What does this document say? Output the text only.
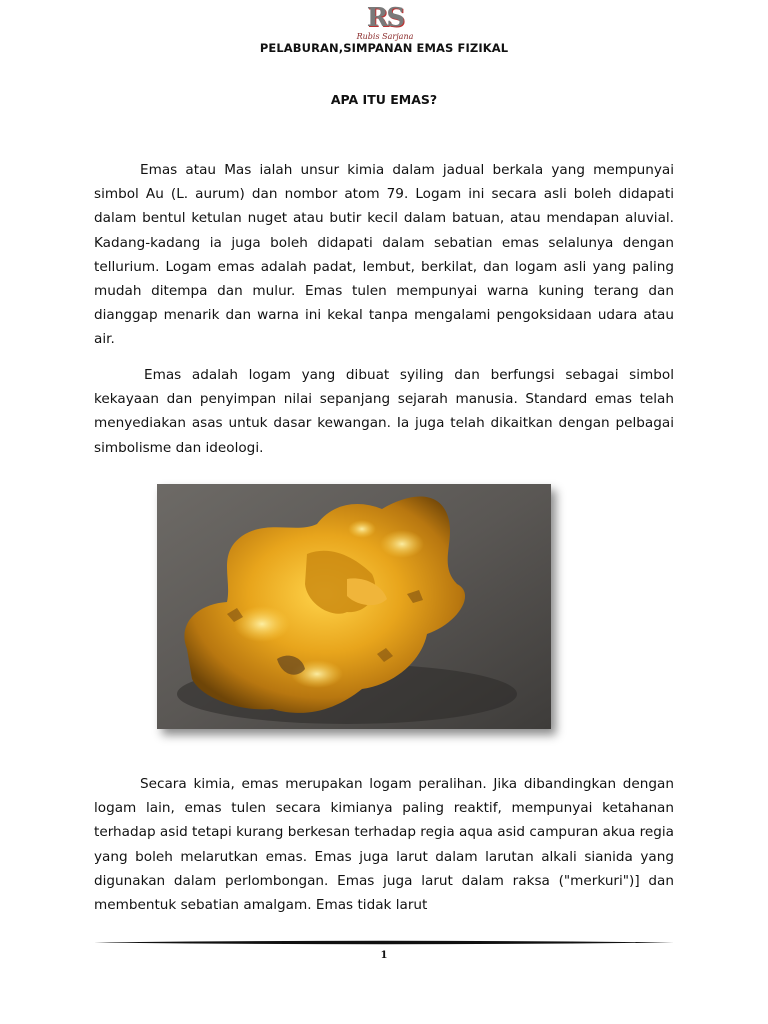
RS
Rubis Sarjana
PELABURAN,SIMPANAN EMAS FIZIKAL
APA ITU EMAS?

Emas atau Mas ialah unsur kimia dalam jadual berkala yang mempunyai simbol Au (L. aurum) dan nombor atom 79. Logam ini secara asli boleh didapati dalam bentul ketulan nuget atau butir kecil dalam batuan, atau mendapan aluvial. Kadang-kadang ia juga boleh didapati dalam sebatian emas selalunya dengan tellurium. Logam emas adalah padat, lembut, berkilat, dan logam asli yang paling mudah ditempa dan mulur. Emas tulen mempunyai warna kuning terang dan dianggap menarik dan warna ini kekal tanpa mengalami pengoksidaan udara atau air.

Emas adalah logam yang dibuat syiling dan berfungsi sebagai simbol kekayaan dan penyimpan nilai sepanjang sejarah manusia. Standard emas telah menyediakan asas untuk dasar kewangan. Ia juga telah dikaitkan dengan pelbagai simbolisme dan ideologi.

Secara kimia, emas merupakan logam peralihan. Jika dibandingkan dengan logam lain, emas tulen secara kimianya paling reaktif, mempunyai ketahanan terhadap asid tetapi kurang berkesan terhadap regia aqua asid campuran akua regia yang boleh melarutkan emas. Emas juga larut dalam larutan alkali sianida yang digunakan dalam perlombongan. Emas juga larut dalam raksa ("merkuri")] dan membentuk sebatian amalgam. Emas tidak larut

1
